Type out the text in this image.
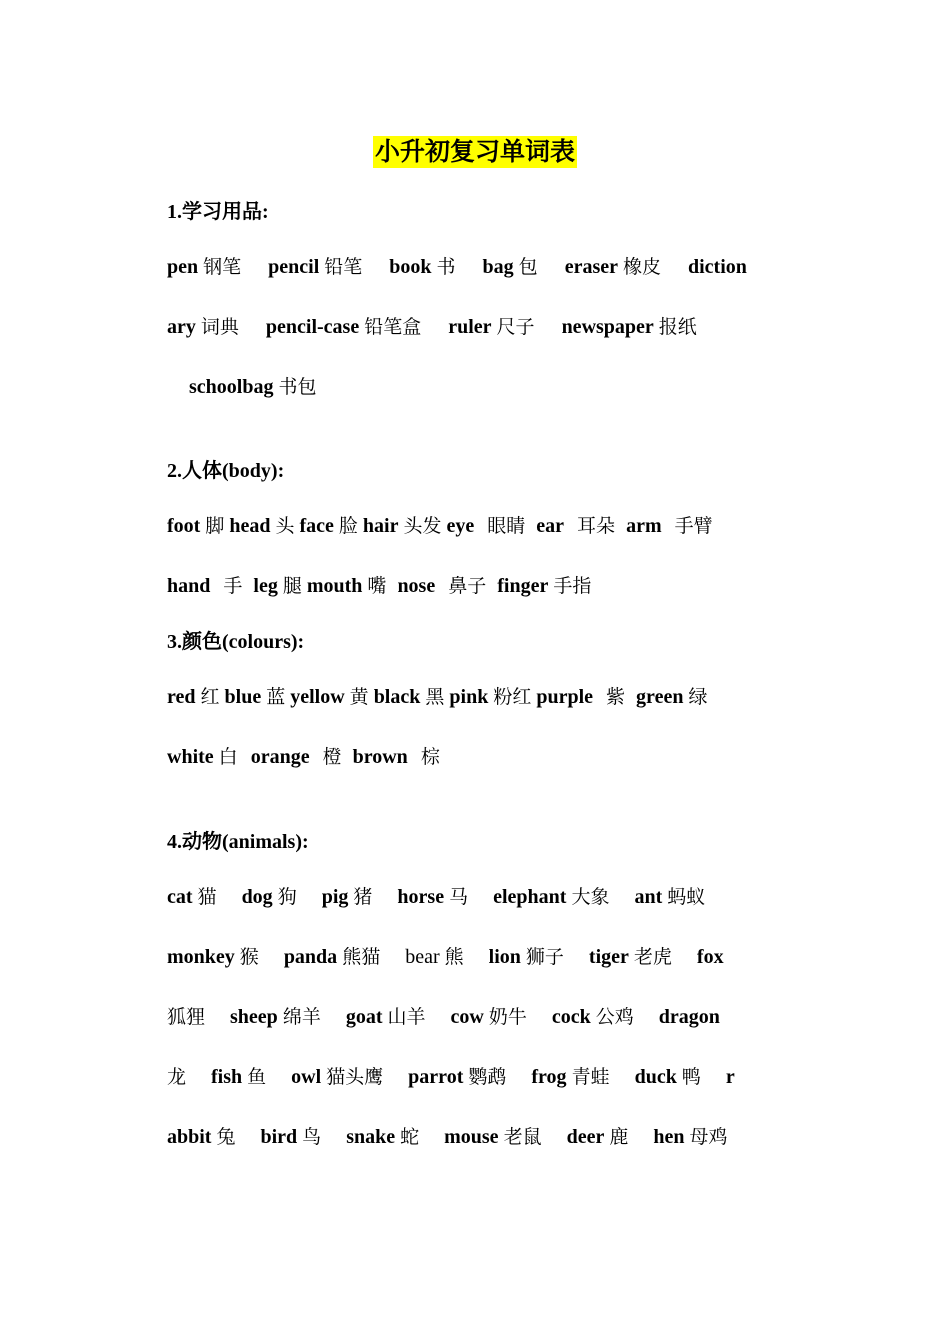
小升初复习单词表
1.学习用品:
pen 钢笔 pencil 铅笔 book 书 bag 包 eraser 橡皮 diction
ary 词典 pencil-case 铅笔盒 ruler 尺子 newspaper 报纸
schoolbag 书包
2.人体(body):
foot 脚 head 头 face 脸 hair 头发 eye 眼睛 ear 耳朵 arm 手臂
hand 手 leg 腿 mouth 嘴 nose 鼻子 finger 手指
3.颜色(colours):
red 红 blue 蓝 yellow 黄 black 黑 pink 粉红 purple 紫 green 绿
white 白 orange 橙 brown 棕
4.动物(animals):
cat 猫 dog 狗 pig 猪 horse 马 elephant 大象 ant 蚂蚁
monkey 猴 panda 熊猫 bear 熊 lion 狮子 tiger 老虎 fox
狐狸 sheep 绵羊 goat 山羊 cow 奶牛 cock 公鸡 dragon
龙 fish 鱼 owl 猫头鹰 parrot 鹦鹉 frog 青蛙 duck 鸭 r
abbit 兔 bird 鸟 snake 蛇 mouse 老鼠 deer 鹿 hen 母鸡
